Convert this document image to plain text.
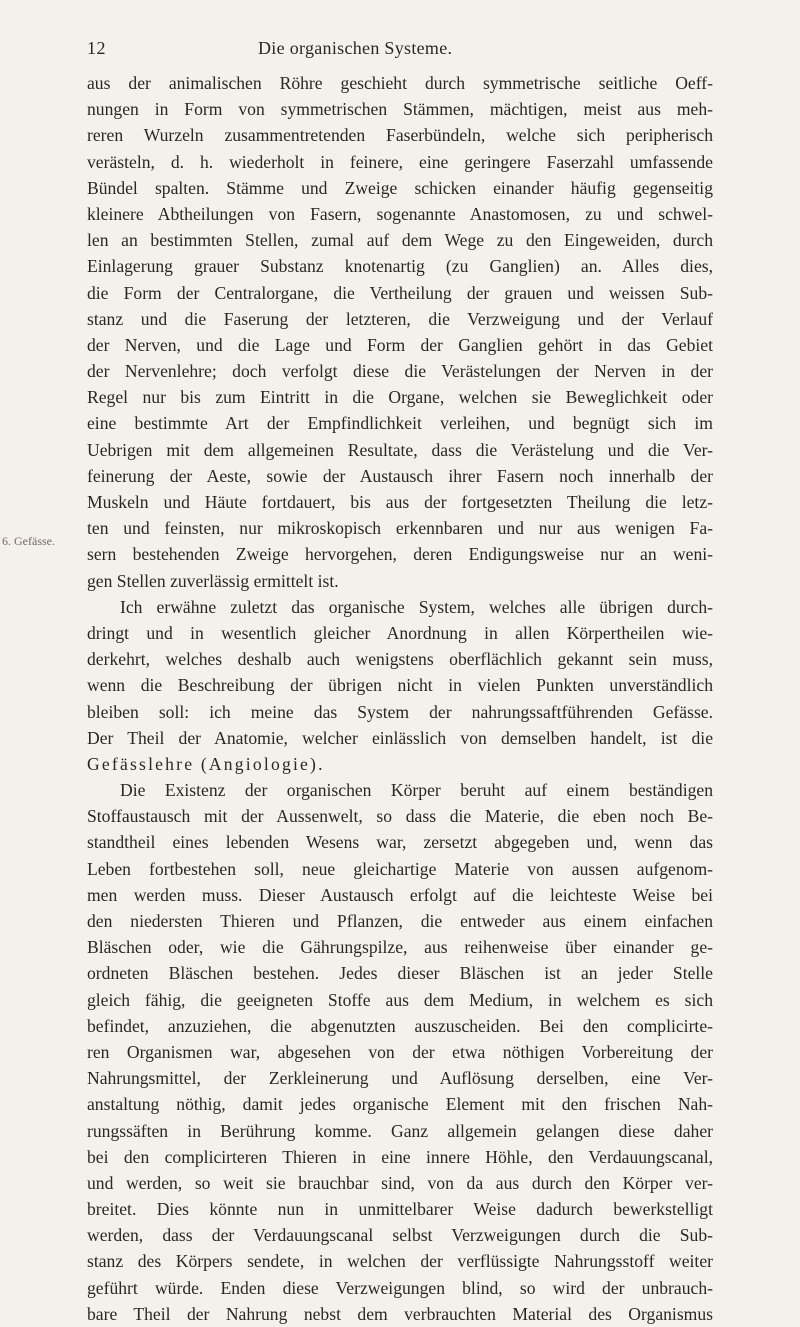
12	Die organischen Systeme.
6. Gefässe.
aus der animalischen Röhre geschieht durch symmetrische seitliche Oeff-
nungen in Form von symmetrischen Stämmen, mächtigen, meist aus meh-
reren Wurzeln zusammentretenden Faserbündeln, welche sich peripherisch
verästeln, d. h. wiederholt in feinere, eine geringere Faserzahl umfassende
Bündel spalten. Stämme und Zweige schicken einander häufig gegenseitig
kleinere Abtheilungen von Fasern, sogenannte Anastomosen, zu und schwel-
len an bestimmten Stellen, zumal auf dem Wege zu den Eingeweiden, durch
Einlagerung grauer Substanz knotenartig (zu Ganglien) an. Alles dies,
die Form der Centralorgane, die Vertheilung der grauen und weissen Sub-
stanz und die Faserung der letzteren, die Verzweigung und der Verlauf
der Nerven, und die Lage und Form der Ganglien gehört in das Gebiet
der Nervenlehre; doch verfolgt diese die Verästelungen der Nerven in der
Regel nur bis zum Eintritt in die Organe, welchen sie Beweglichkeit oder
eine bestimmte Art der Empfindlichkeit verleihen, und begnügt sich im
Uebrigen mit dem allgemeinen Resultate, dass die Verästelung und die Ver-
feinerung der Aeste, sowie der Austausch ihrer Fasern noch innerhalb der
Muskeln und Häute fortdauert, bis aus der fortgesetzten Theilung die letz-
ten und feinsten, nur mikroskopisch erkennbaren und nur aus wenigen Fa-
sern bestehenden Zweige hervorgehen, deren Endigungsweise nur an weni-
gen Stellen zuverlässig ermittelt ist.
Ich erwähne zuletzt das organische System, welches alle übrigen durch-
dringt und in wesentlich gleicher Anordnung in allen Körpertheilen wie-
derkehrt, welches deshalb auch wenigstens oberflächlich gekannt sein muss,
wenn die Beschreibung der übrigen nicht in vielen Punkten unverständlich
bleiben soll: ich meine das System der nahrungssaftführenden Gefässe.
Der Theil der Anatomie, welcher einlässlich von demselben handelt, ist die
Gefässlehre (Angiologie).
Die Existenz der organischen Körper beruht auf einem beständigen
Stoffaustausch mit der Aussenwelt, so dass die Materie, die eben noch Be-
standtheil eines lebenden Wesens war, zersetzt abgegeben und, wenn das
Leben fortbestehen soll, neue gleichartige Materie von aussen aufgenom-
men werden muss. Dieser Austausch erfolgt auf die leichteste Weise bei
den niedersten Thieren und Pflanzen, die entweder aus einem einfachen
Bläschen oder, wie die Gährungspilze, aus reihenweise über einander ge-
ordneten Bläschen bestehen. Jedes dieser Bläschen ist an jeder Stelle
gleich fähig, die geeigneten Stoffe aus dem Medium, in welchem es sich
befindet, anzuziehen, die abgenutzten auszuscheiden. Bei den complicirte-
ren Organismen war, abgesehen von der etwa nöthigen Vorbereitung der
Nahrungsmittel, der Zerkleinerung und Auflösung derselben, eine Ver-
anstaltung nöthig, damit jedes organische Element mit den frischen Nah-
rungssäften in Berührung komme. Ganz allgemein gelangen diese daher
bei den complicirteren Thieren in eine innere Höhle, den Verdauungscanal,
und werden, so weit sie brauchbar sind, von da aus durch den Körper ver-
breitet. Dies könnte nun in unmittelbarer Weise dadurch bewerkstelligt
werden, dass der Verdauungscanal selbst Verzweigungen durch die Sub-
stanz des Körpers sendete, in welchen der verflüssigte Nahrungsstoff weiter
geführt würde. Enden diese Verzweigungen blind, so wird der unbrauch-
bare Theil der Nahrung nebst dem verbrauchten Material des Organismus
